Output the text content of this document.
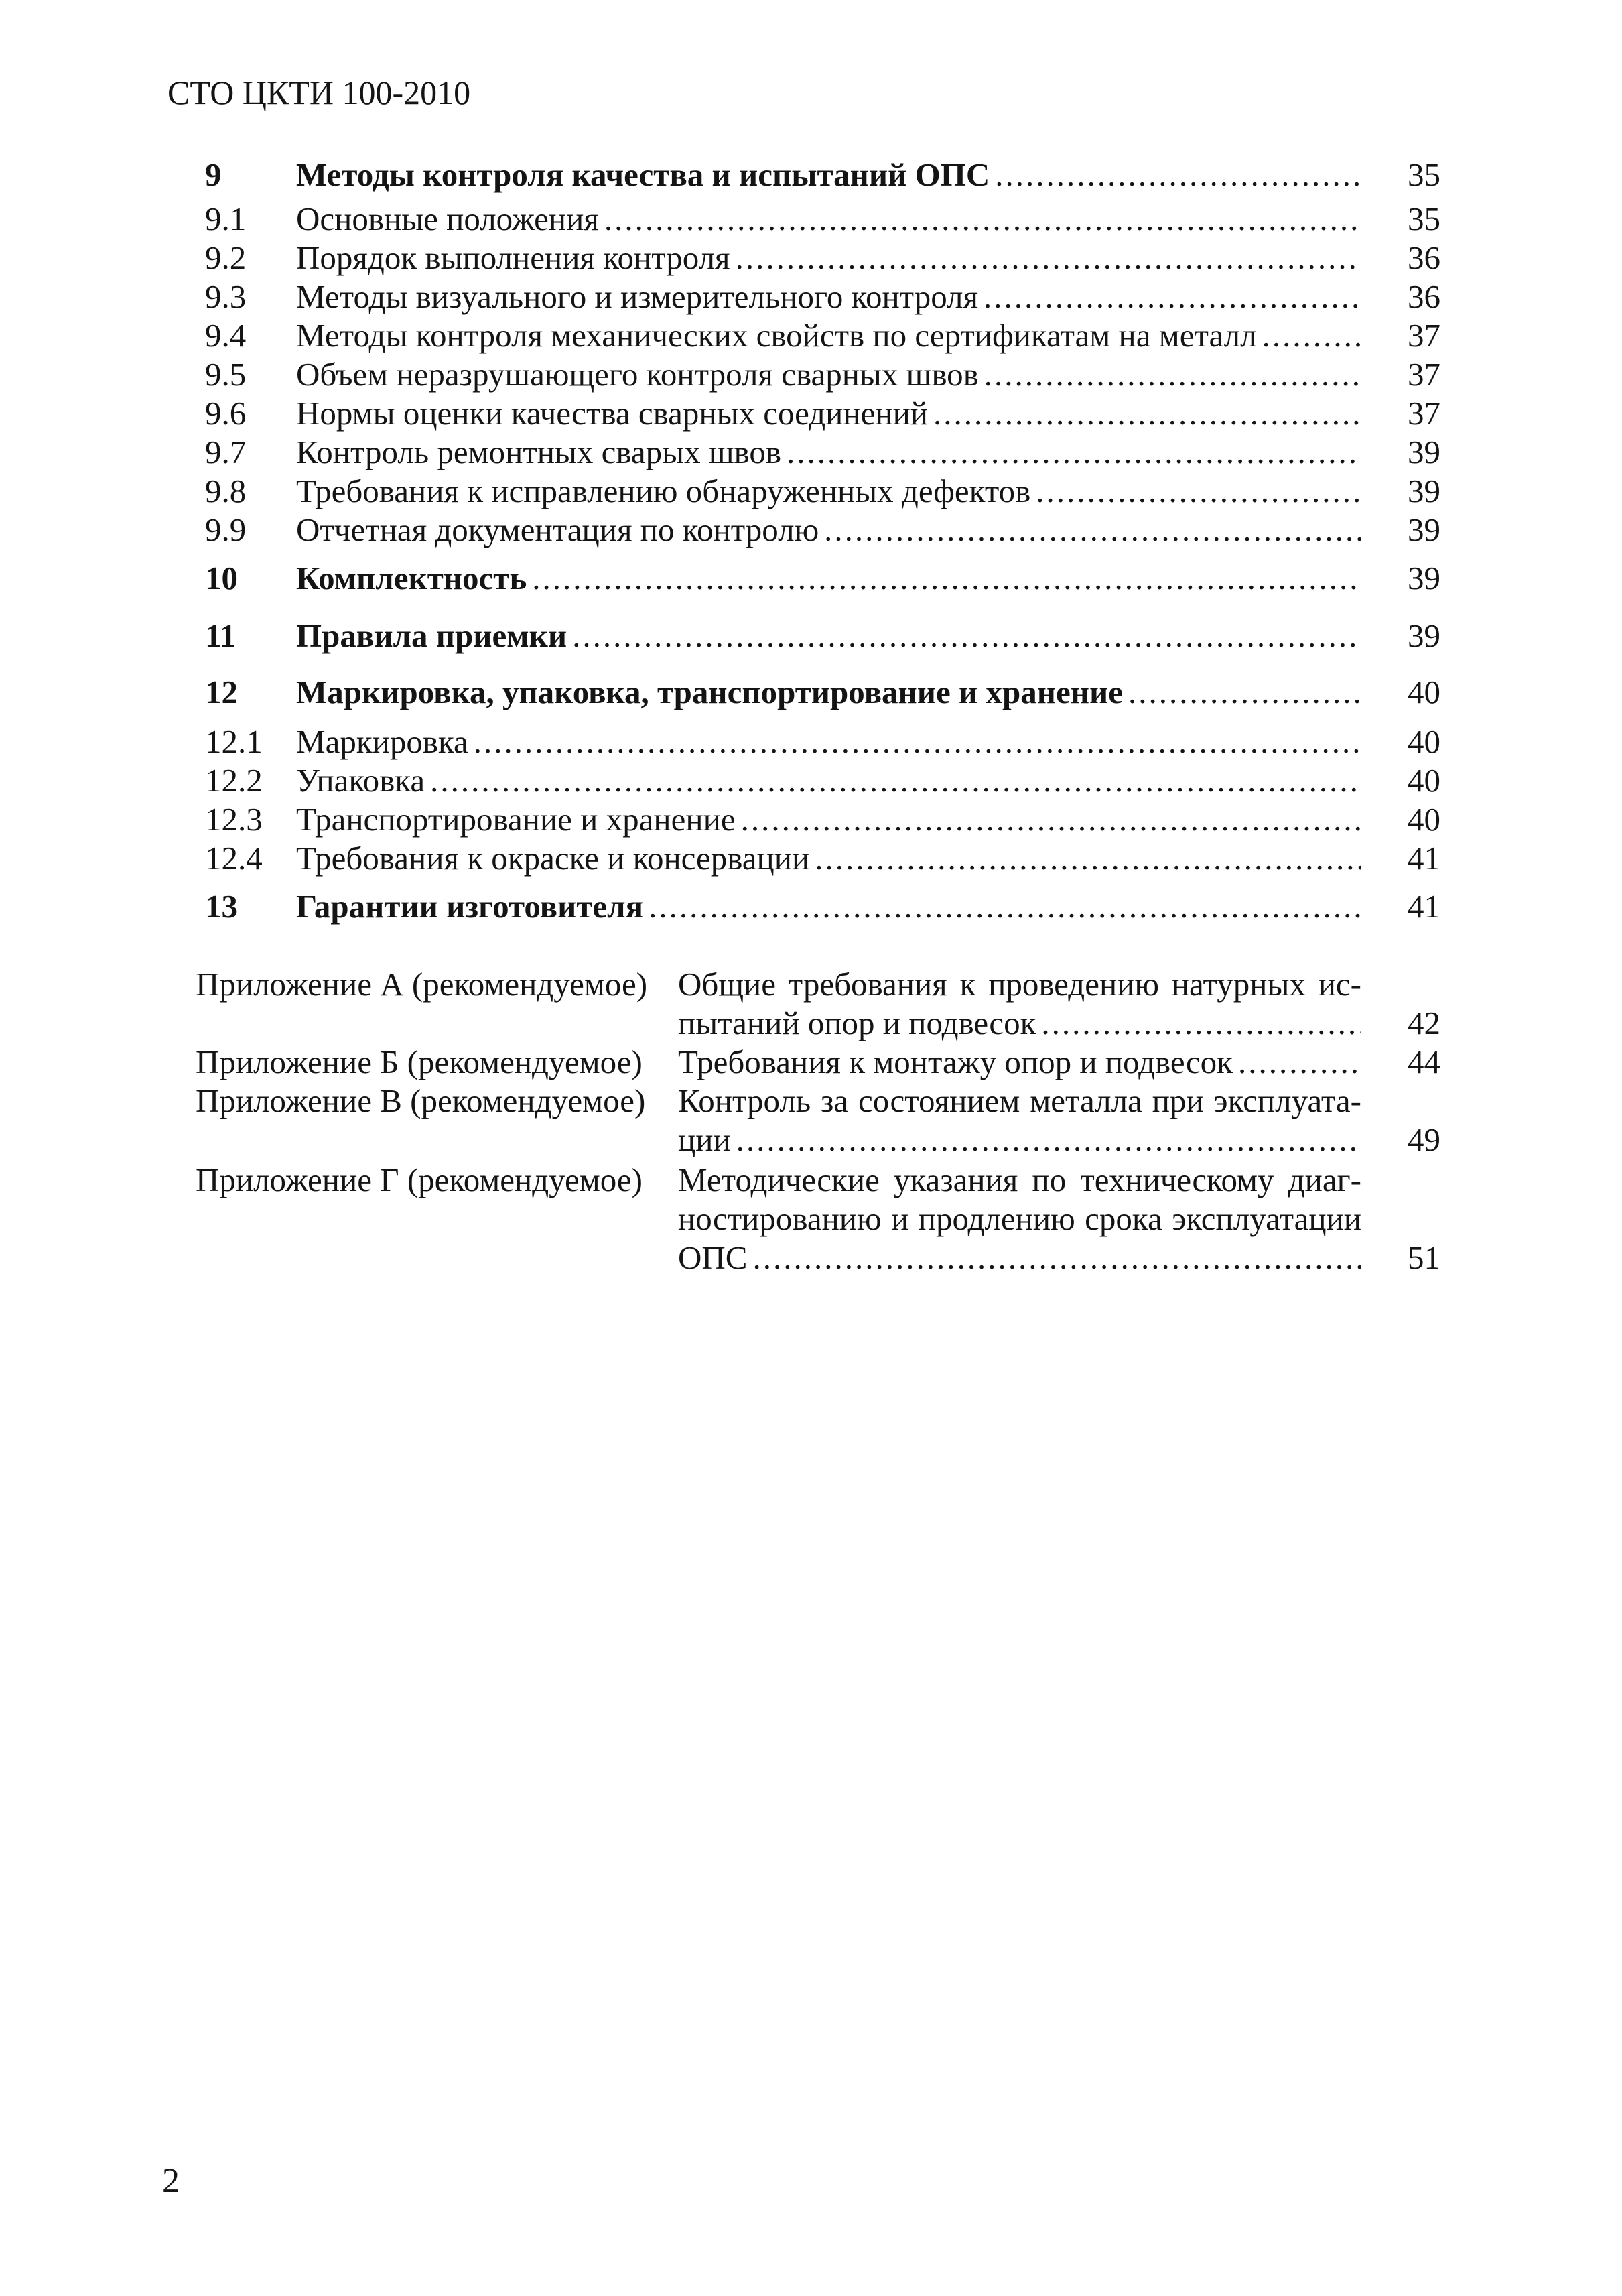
СТО ЦКТИ 100-2010
9 Методы контроля качества и испытаний ОПС .....	35
9.1 Основные положения .....	35
9.2 Порядок выполнения контроля .....	36
9.3 Методы визуального и измерительного контроля .....	36
9.4 Методы контроля механических свойств по сертификатам на металл .....	37
9.5 Объем неразрушающего контроля сварных швов .....	37
9.6 Нормы оценки качества сварных соединений .....	37
9.7 Контроль ремонтных сварых швов .....	39
9.8 Требования к исправлению обнаруженных дефектов .....	39
9.9 Отчетная документация по контролю .....	39
10 Комплектность .....	39
11 Правила приемки .....	39
12 Маркировка, упаковка, транспортирование и хранение .....	40
12.1 Маркировка .....	40
12.2 Упаковка .....	40
12.3 Транспортирование и хранение .....	40
12.4 Требования к окраске и консервации .....	41
13 Гарантии изготовителя .....	41
Приложение А (рекомендуемое) Общие требования к проведению натурных ис-
пытаний опор и подвесок .....	42
Приложение Б (рекомендуемое) Требования к монтажу опор и подвесок .....	44
Приложение В (рекомендуемое) Контроль за состоянием металла при эксплуата-
ции .....	49
Приложение Г (рекомендуемое) Методические указания по техническому диаг-
ностированию и продлению срока эксплуатации
ОПС .....	51
2
